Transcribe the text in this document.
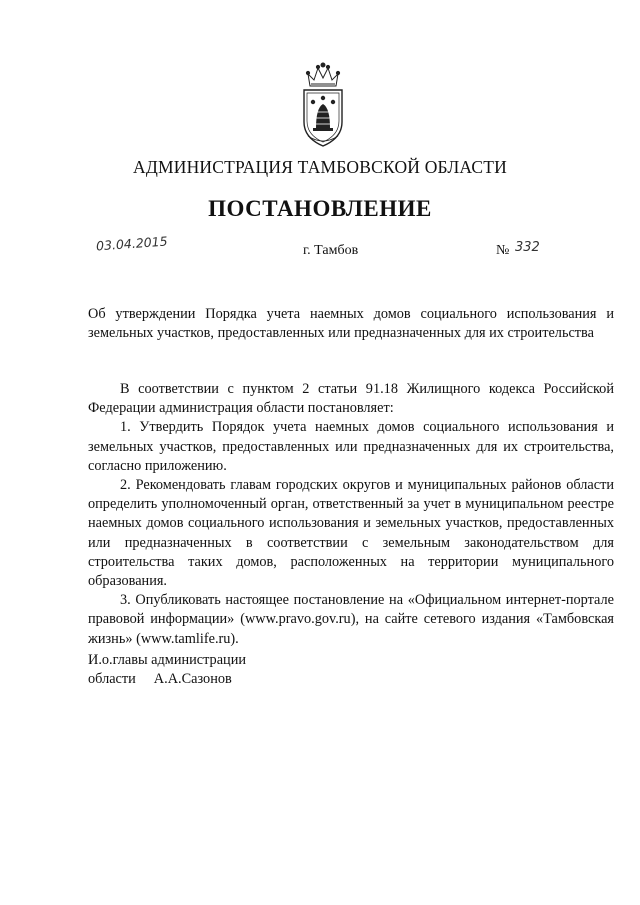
АДМИНИСТРАЦИЯ ТАМБОВСКОЙ ОБЛАСТИ
ПОСТАНОВЛЕНИЕ
03.04.2015	г. Тамбов	№ 332
Об утверждении Порядка учета наемных домов социального использования и земельных участков, предоставленных или предназначенных для их строительства

В соответствии с пунктом 2 статьи 91.18 Жилищного кодекса Российской Федерации администрация области постановляет:

1. Утвердить Порядок учета наемных домов социального использования и земельных участков, предоставленных или предназначенных для их строительства, согласно приложению.

2. Рекомендовать главам городских округов и муниципальных районов области определить уполномоченный орган, ответственный за учет в муниципальном реестре наемных домов социального использования и земельных участков, предоставленных или предназначенных в соответствии с земельным законодательством для строительства таких домов, расположенных на территории муниципального образования.

3. Опубликовать настоящее постановление на «Официальном интернет-портале правовой информации» (www.pravo.gov.ru), на сайте сетевого издания «Тамбовская жизнь» (www.tamlife.ru).

И.о.главы администрации
области А.А.Сазонов
